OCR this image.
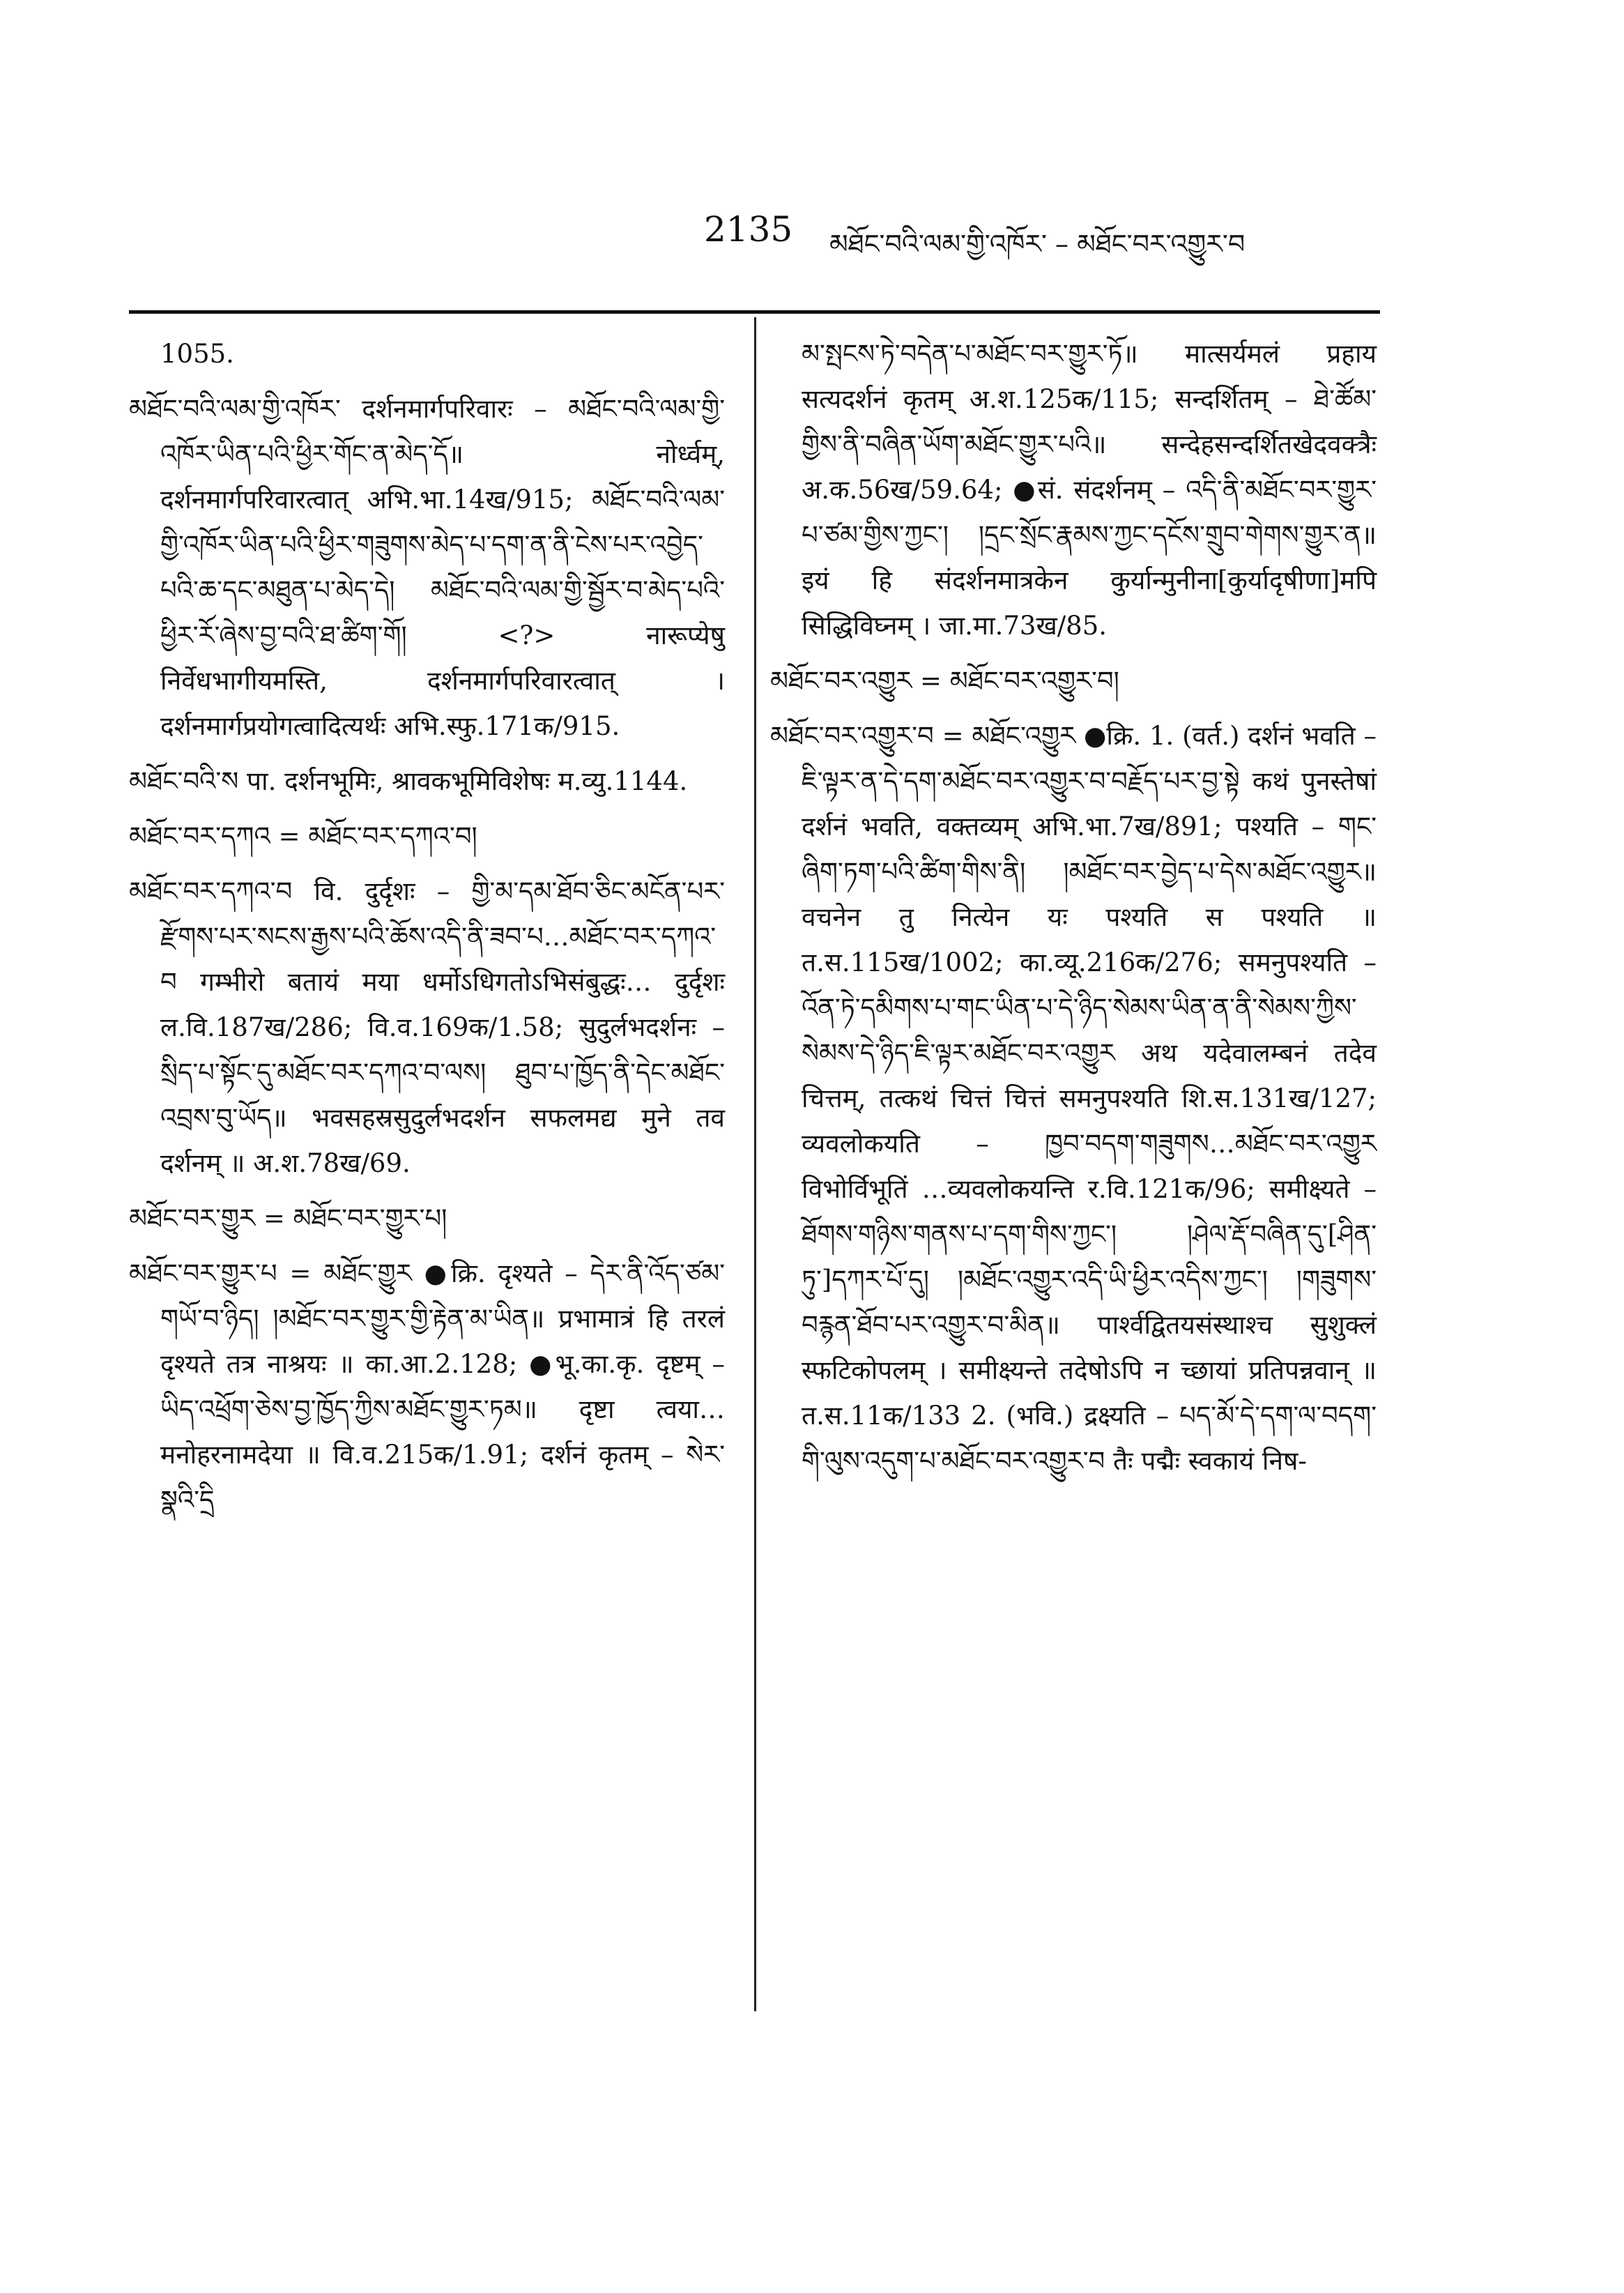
2135 མཐོང་བའི་ལམ་གྱི་འཁོར་ – མཐོང་བར་འགྱུར་བ
1055.
མཐོང་བའི་ལམ་གྱི་འཁོར་ दर्शनमार्गपरिवारः – མཐོང་བའི་ལམ་གྱི་འཁོར་ཡིན་པའི་ཕྱིར་གོང་ན་མེད་དོ॥ नोर्ध्वम्, दर्शनमार्गपरिवारत्वात् अभि.भा.14ख/915; མཐོང་བའི་ལམ་གྱི་འཁོར་ཡིན་པའི་ཕྱིར་གཟུགས་མེད་པ་དག་ན་ནི་ངེས་པར་འབྱེད་པའི་ཆ་དང་མཐུན་པ་མེད་དེ། མཐོང་བའི་ལམ་གྱི་སྦྱོར་བ་མེད་པའི་ཕྱིར་རོ་ཞེས་བྱ་བའི་ཐ་ཚིག་གོ། <?> नारूप्येषु निर्वेधभागीयमस्ति, दर्शनमार्गपरिवारत्वात् । दर्शनमार्गप्रयोगत्वादित्यर्थः अभि.स्फु.171क/915.
མཐོང་བའི་ས पा. दर्शनभूमिः, श्रावकभूमिविशेषः म.व्यु.1144.
མཐོང་བར་དཀའ = མཐོང་བར་དཀའ་བ།
མཐོང་བར་དཀའ་བ वि. दुर्दृशः – གྱི་མ་དམ་ཐོབ་ཅིང་མངོན་པར་རྫོགས་པར་སངས་རྒྱས་པའི་ཆོས་འདི་ནི་ཟབ་པ…མཐོང་བར་དཀའ་བ गम्भीरो बतायं मया धर्मोऽधिगतोऽभिसंबुद्धः… दुर्दृशः ल.वि.187ख/286; वि.व.169क/1.58; सुदुर्लभदर्शनः – སྲིད་པ་སྟོང་དུ་མཐོང་བར་དཀའ་བ་ལས། ཐུབ་པ་ཁྱོད་ནི་དེང་མཐོང་འབྲས་བུ་ཡོད॥ भवसहस्रसुदुर्लभदर्शन सफलमद्य मुने तव दर्शनम् ॥ अ.श.78ख/69.
མཐོང་བར་གྱུར = མཐོང་བར་གྱུར་པ།
མཐོང་བར་གྱུར་པ = མཐོང་གྱུར ●क्रि. दृश्यते – དེར་ནི་འོད་ཙམ་གཡོ་བ་ཉིད། །མཐོང་བར་གྱུར་གྱི་རྟེན་མ་ཡིན॥ प्रभामात्रं हि तरलं दृश्यते तत्र नाश्रयः ॥ का.आ.2.128; ●भू.का.कृ. दृष्टम् – ཡིད་འཕྲོག་ཅེས་བྱ་ཁྱོད་ཀྱིས་མཐོང་གྱུར་ཏམ॥ दृष्टा त्वया…मनोहरनामदेया ॥ वि.व.215क/1.91; दर्शनं कृतम् – སེར་སྣའི་དྲི
མ་སྤངས་ཏེ་བདེན་པ་མཐོང་བར་གྱུར་ཏོ॥ मात्सर्यमलं प्रहाय सत्यदर्शनं कृतम् अ.श.125क/115; सन्दर्शितम् – ཐེ་ཚོམ་གྱིས་ནི་བཞིན་ཡོག་མཐོང་གྱུར་པའི॥ सन्देहसन्दर्शितखेदवक्त्रैः अ.क.56ख/59.64; ●सं. संदर्शनम् – འདི་ནི་མཐོང་བར་གྱུར་པ་ཙམ་གྱིས་ཀྱང་། །དྲང་སྲོང་རྣམས་ཀྱང་དངོས་གྲུབ་གེགས་གྱུར་ན॥ इयं हि संदर्शनमात्रकेन कुर्यान्मुनीना[कुर्यादृषीणा]मपि सिद्धिविघ्नम् । जा.मा.73ख/85.
མཐོང་བར་འགྱུར = མཐོང་བར་འགྱུར་བ།
མཐོང་བར་འགྱུར་བ = མཐོང་འགྱུར ●क्रि. 1. (वर्त.) दर्शनं भवति – ཇི་ལྟར་ན་དེ་དག་མཐོང་བར་འགྱུར་བ་བརྗོད་པར་བྱ་སྟེ कथं पुनस्तेषां दर्शनं भवति, वक्तव्यम् अभि.भा.7ख/891; पश्यति – གང་ཞིག་ཏག་པའི་ཚིག་གིས་ནི། །མཐོང་བར་བྱེད་པ་དེས་མཐོང་འགྱུར॥ वचनेन तु नित्येन यः पश्यति स पश्यति ॥ त.स.115ख/1002; का.व्यू.216क/276; समनुपश्यति – འོན་ཏེ་དམིགས་པ་གང་ཡིན་པ་དེ་ཉིད་སེམས་ཡིན་ན་ནི་སེམས་ཀྱིས་སེམས་དེ་ཉིད་ཇི་ལྟར་མཐོང་བར་འགྱུར अथ यदेवालम्बनं तदेव चित्तम्, तत्कथं चित्तं चित्तं समनुपश्यति शि.स.131ख/127; व्यवलोकयति – ཁྱབ་བདག་གཟུགས…མཐོང་བར་འགྱུར विभोर्विभूतिं …व्यवलोकयन्ति र.वि.121क/96; समीक्ष्यते – ཐོགས་གཉིས་གནས་པ་དག་གིས་ཀྱང་། །ཤེལ་རྡོ་བཞིན་དུ་[ཤིན་ཏུ་]དཀར་པོ་དུ། །མཐོང་འགྱུར་འདི་ཡི་ཕྱིར་འདིས་ཀྱང་། །གཟུགས་བརྙན་ཐོབ་པར་འགྱུར་བ་མིན॥ पार्श्वद्वितयसंस्थाश्च सुशुक्लं स्फटिकोपलम् । समीक्ष्यन्ते तदेषोऽपि न च्छायां प्रतिपन्नवान् ॥ त.स.11क/133 2. (भवि.) द्रक्ष्यति – པད་མོ་དེ་དག་ལ་བདག་གི་ལུས་འདུག་པ་མཐོང་བར་འགྱུར་བ तैः पद्मैः स्वकायं निष-
